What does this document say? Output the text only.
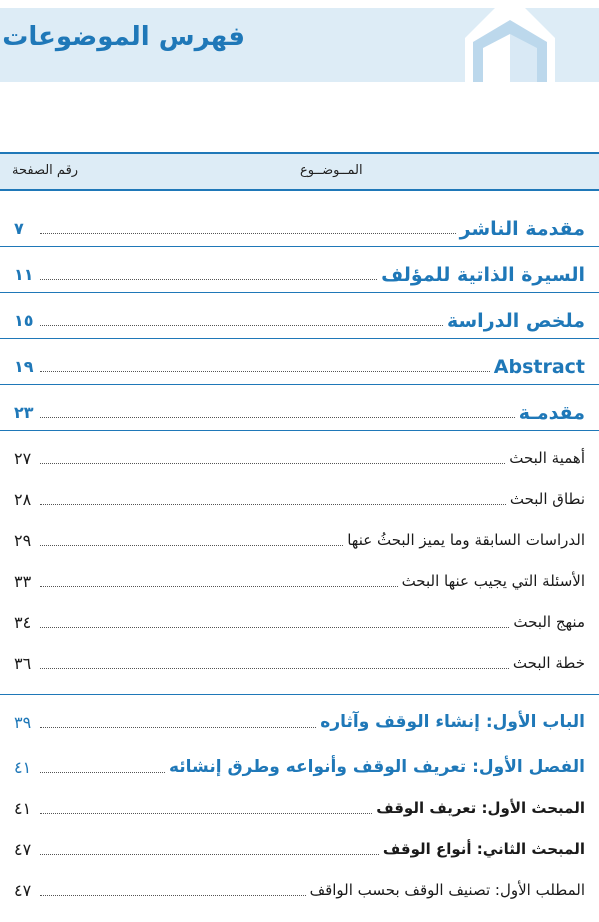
فهرس الموضوعات
المــوضــوع
رقم الصفحة
٧	مقدمة الناشر
١١	السيرة الذاتية للمؤلف
١٥	ملخص الدراسة
١٩	Abstract
٢٣	مقدمـة
٢٧	أهمية البحث
٢٨	نطاق البحث
٢٩	الدراسات السابقة وما يميز البحثُ عنها
٣٣	الأسئلة التي يجيب عنها البحث
٣٤	منهج البحث
٣٦	خطة البحث
٣٩	الباب الأول: إنشاء الوقف وآثاره
٤١	الفصل الأول: تعريف الوقف وأنواعه وطرق إنشائه
٤١	المبحث الأول: تعريف الوقف
٤٧	المبحث الثاني: أنواع الوقف
٤٧	المطلب الأول: تصنيف الوقف بحسب الواقف
